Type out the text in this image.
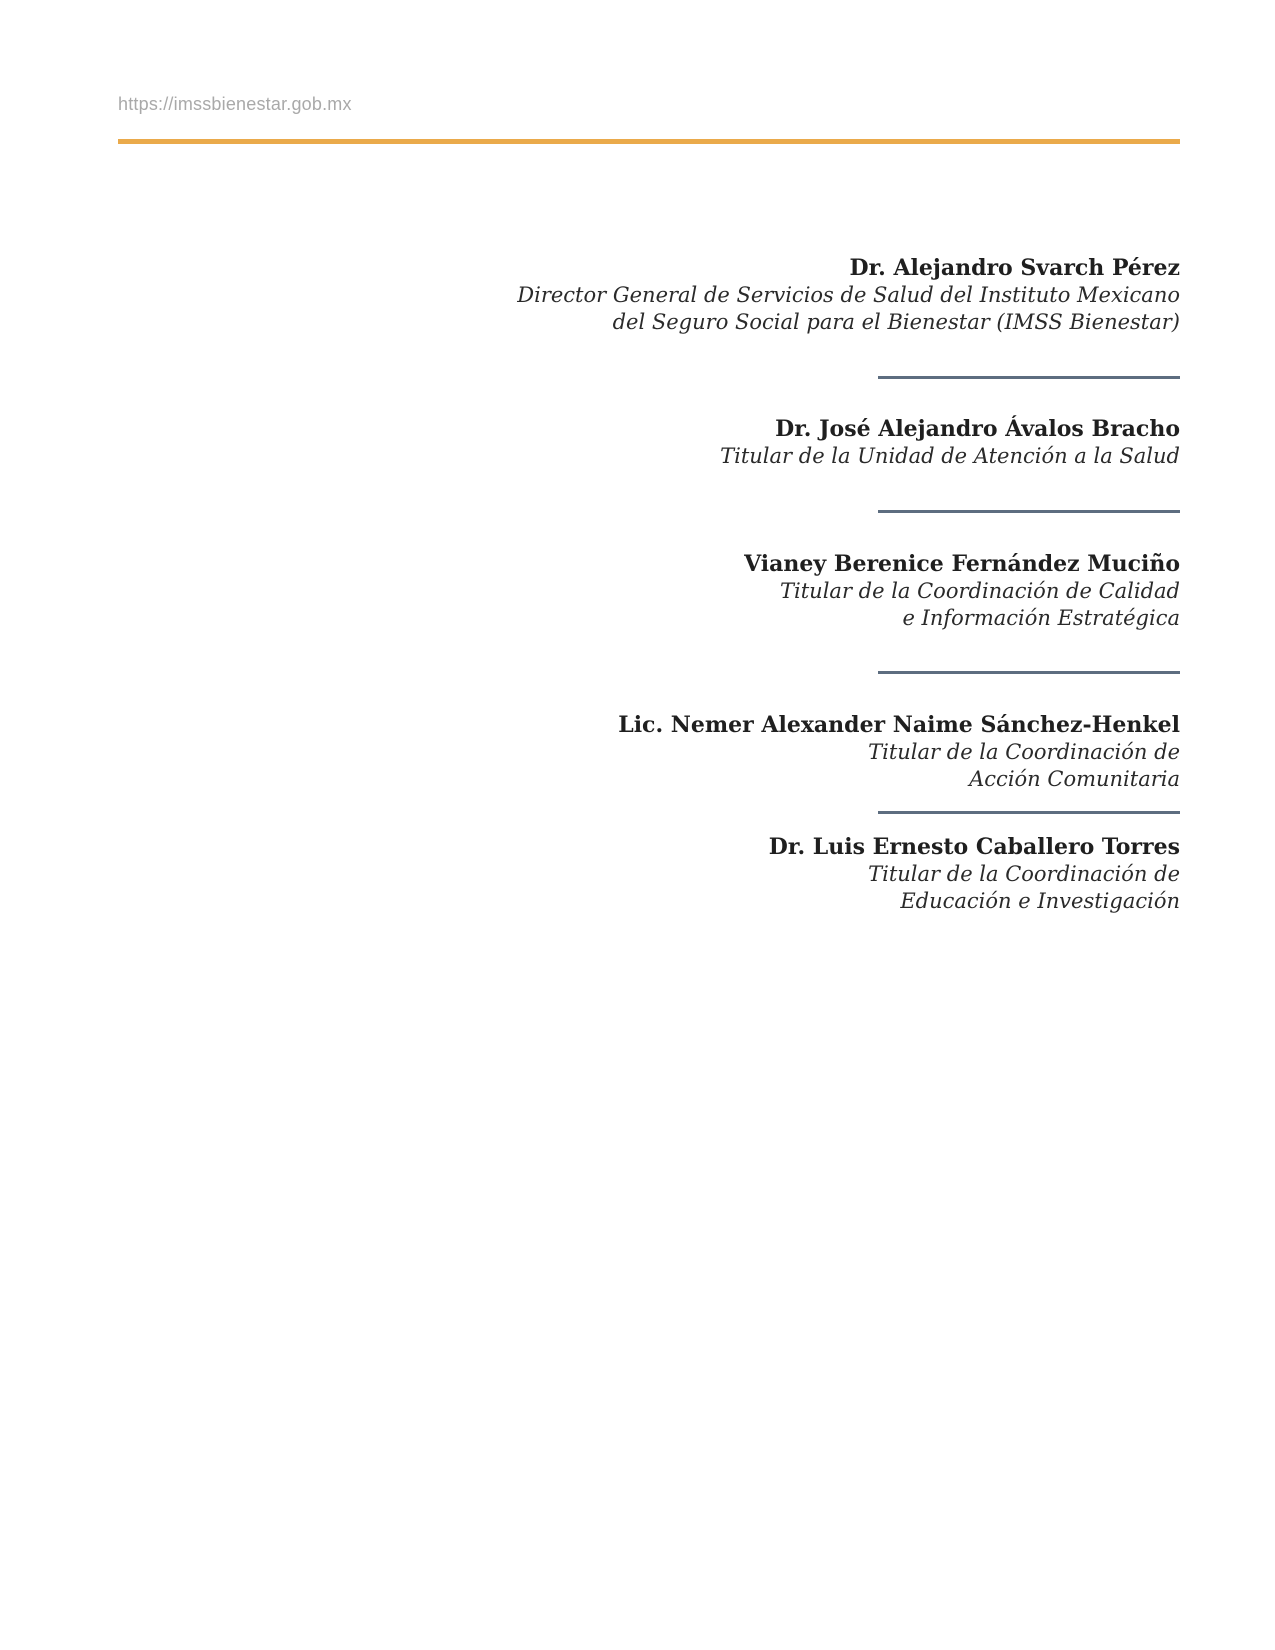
https://imssbienestar.gob.mx
Dr. Alejandro Svarch Pérez
Director General de Servicios de Salud del Instituto Mexicano
del Seguro Social para el Bienestar (IMSS Bienestar)
Dr. José Alejandro Ávalos Bracho
Titular de la Unidad de Atención a la Salud
Vianey Berenice Fernández Muciño
Titular de la Coordinación de Calidad
e Información Estratégica
Lic. Nemer Alexander Naime Sánchez-Henkel
Titular de la Coordinación de
Acción Comunitaria
Dr. Luis Ernesto Caballero Torres
Titular de la Coordinación de
Educación e Investigación
